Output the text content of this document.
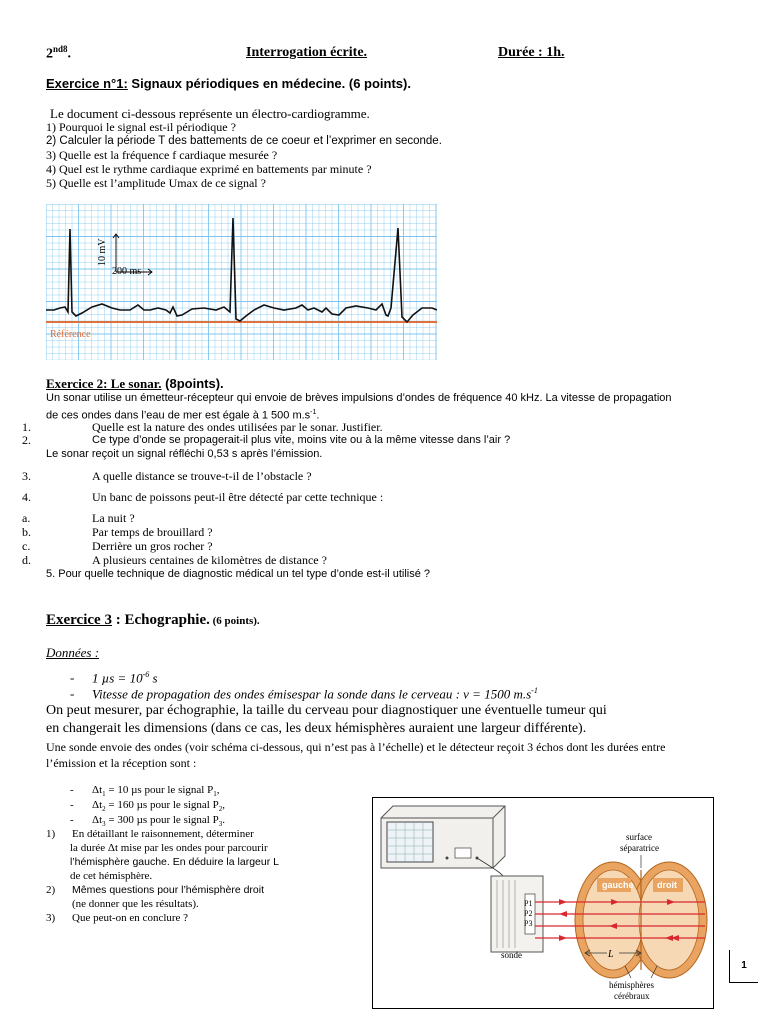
$2^{nd8}$.	Interrogation écrite.	Durée : 1h.
Exercice n°1: Signaux périodiques en médecine. (6 points).
Le document ci-dessous représente un électro-cardiogramme.
1) Pourquoi le signal est-il périodique ?
2) Calculer la période T des battements de ce coeur et l’exprimer en seconde.
3) Quelle est la fréquence f cardiaque mesurée ?
4) Quel est le rythme cardiaque exprimé en battements par minute ?
5) Quelle est l’amplitude Umax de ce signal ?
Référence
10 mV
200 ms
Exercice 2: Le sonar. (8points).
Un sonar utilise un émetteur-récepteur qui envoie de brèves impulsions d’ondes de fréquence 40 kHz. La vitesse de propagation
de ces ondes dans l’eau de mer est égale à 1 500 $m.s^{-1}$.
1.	Quelle est la nature des ondes utilisées par le sonar. Justifier.
2.	Ce type d’onde se propagerait-il plus vite, moins vite ou à la même vitesse dans l’air ?
Le sonar reçoit un signal réfléchi 0,53 s après l’émission.
3.	A quelle distance se trouve-t-il de l’obstacle ?
4.	Un banc de poissons peut-il être détecté par cette technique :
a.	La nuit ?
b.	Par temps de brouillard ?
c.	Derrière un gros rocher ?
d.	A plusieurs centaines de kilomètres de distance ?
5. Pour quelle technique de diagnostic médical un tel type d’onde est-il utilisé ?
Exercice 3 : Echographie. (6 points).
Données :
- 1 $\mu s = 10^{-6}$ s
- Vitesse de propagation des ondes émisespar la sonde dans le cerveau : v = 1500 $m.s^{-1}$
On peut mesurer, par échographie, la taille du cerveau pour diagnostiquer une éventuelle tumeur qui
en changerait les dimensions (dans ce cas, les deux hémisphères auraient une largeur différente).
Une sonde envoie des ondes (voir schéma ci-dessous, qui n’est pas à l’échelle) et le détecteur reçoit 3 échos dont les durées entre
l’émission et la réception sont :
- $\Delta t_1 = 10$ µs pour le signal $P_1$,
- $\Delta t_2 = 160$ µs pour le signal $P_2$,
- $\Delta t_3 = 300$ µs pour le signal $P_3$.
1) En détaillant le raisonnement, déterminer
la durée Δt mise par les ondes pour parcourir
l’hémisphère gauche. En déduire la largeur L
de cet hémisphère.
2) Mêmes questions pour l’hémisphère droit
(ne donner que les résultats).
3) Que peut-on en conclure ?
P1
P2
P3
sonde	L
surface
séparatrice
gauche	droit
hémisphères
cérébraux
1
